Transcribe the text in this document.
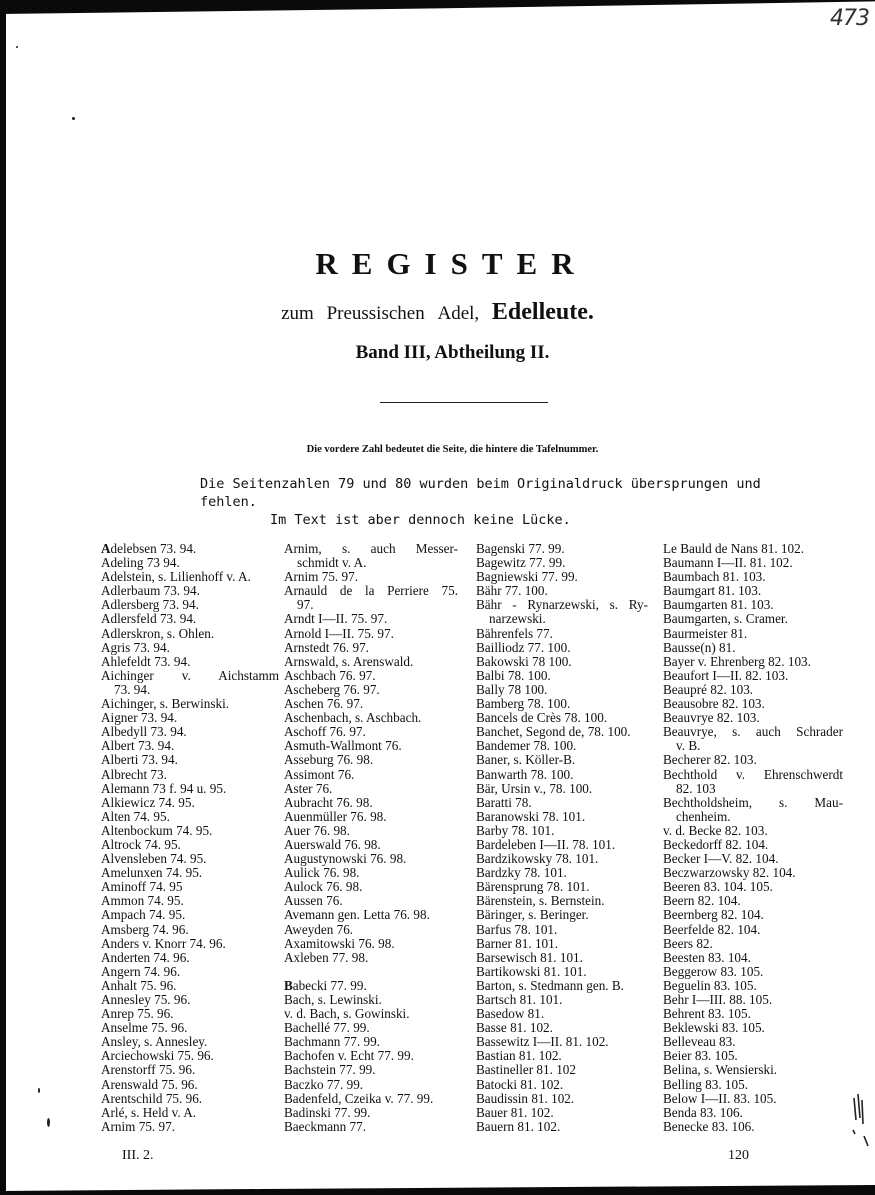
473
REGISTER
zum Preussischen Adel, Edelleute.
Band III, Abtheilung II.
Die vordere Zahl bedeutet die Seite, die hintere die Tafelnummer.
Die Seitenzahlen 79 und 80 wurden beim Originaldruck übersprungen und fehlen.
Im Text ist aber dennoch keine Lücke.
Adelebsen 73. 94.
Adeling 73 94.
Adelstein, s. Lilienhoff v. A.
Adlerbaum 73. 94.
Adlersberg 73. 94.
Adlersfeld 73. 94.
Adlerskron, s. Ohlen.
Agris 73. 94.
Ahlefeldt 73. 94.
Aichinger v. Aichstamm
73. 94.
Aichinger, s. Berwinski.
Aigner 73. 94.
Albedyll 73. 94.
Albert 73. 94.
Alberti 73. 94.
Albrecht 73.
Alemann 73 f. 94 u. 95.
Alkiewicz 74. 95.
Alten 74. 95.
Altenbockum 74. 95.
Altrock 74. 95.
Alvensleben 74. 95.
Amelunxen 74. 95.
Aminoff 74. 95
Ammon 74. 95.
Ampach 74. 95.
Amsberg 74. 96.
Anders v. Knorr 74. 96.
Anderten 74. 96.
Angern 74. 96.
Anhalt 75. 96.
Annesley 75. 96.
Anrep 75. 96.
Anselme 75. 96.
Ansley, s. Annesley.
Arciechowski 75. 96.
Arenstorff 75. 96.
Arenswald 75. 96.
Arentschild 75. 96.
Arlé, s. Held v. A.
Arnim 75. 97.
Arnim, s. auch Messer-
schmidt v. A.
Arnim 75. 97.
Arnauld de la Perriere 75.
97.
Arndt I—II. 75. 97.
Arnold I—II. 75. 97.
Arnstedt 76. 97.
Arnswald, s. Arenswald.
Aschbach 76. 97.
Ascheberg 76. 97.
Aschen 76. 97.
Aschenbach, s. Aschbach.
Aschoff 76. 97.
Asmuth-Wallmont 76.
Asseburg 76. 98.
Assimont 76.
Aster 76.
Aubracht 76. 98.
Auenmüller 76. 98.
Auer 76. 98.
Auerswald 76. 98.
Augustynowski 76. 98.
Aulick 76. 98.
Aulock 76. 98.
Aussen 76.
Avemann gen. Letta 76. 98.
Aweyden 76.
Axamitowski 76. 98.
Axleben 77. 98.
Babecki 77. 99.
Bach, s. Lewinski.
v. d. Bach, s. Gowinski.
Bachellé 77. 99.
Bachmann 77. 99.
Bachofen v. Echt 77. 99.
Bachstein 77. 99.
Baczko 77. 99.
Badenfeld, Czeika v. 77. 99.
Badinski 77. 99.
Baeckmann 77.
Bagenski 77. 99.
Bagewitz 77. 99.
Bagniewski 77. 99.
Bähr 77. 100.
Bähr - Rynarzewski, s. Ry-
narzewski.
Bährenfels 77.
Bailliodz 77. 100.
Bakowski 78 100.
Balbi 78. 100.
Bally 78 100.
Bamberg 78. 100.
Bancels de Crès 78. 100.
Banchet, Segond de, 78. 100.
Bandemer 78. 100.
Baner, s. Köller-B.
Banwarth 78. 100.
Bär, Ursin v., 78. 100.
Baratti 78.
Baranowski 78. 101.
Barby 78. 101.
Bardeleben I—II. 78. 101.
Bardzikowsky 78. 101.
Bardzky 78. 101.
Bärensprung 78. 101.
Bärenstein, s. Bernstein.
Bäringer, s. Beringer.
Barfus 78. 101.
Barner 81. 101.
Barsewisch 81. 101.
Bartikowski 81. 101.
Barton, s. Stedmann gen. B.
Bartsch 81. 101.
Basedow 81.
Basse 81. 102.
Bassewitz I—II. 81. 102.
Bastian 81. 102.
Bastineller 81. 102
Batocki 81. 102.
Baudissin 81. 102.
Bauer 81. 102.
Bauern 81. 102.
Le Bauld de Nans 81. 102.
Baumann I—II. 81. 102.
Baumbach 81. 103.
Baumgart 81. 103.
Baumgarten 81. 103.
Baumgarten, s. Cramer.
Baurmeister 81.
Bausse(n) 81.
Bayer v. Ehrenberg 82. 103.
Beaufort I—II. 82. 103.
Beaupré 82. 103.
Beausobre 82. 103.
Beauvrye 82. 103.
Beauvrye, s. auch Schrader
v. B.
Becherer 82. 103.
Bechthold v. Ehrenschwerdt
82. 103
Bechtholdsheim, s. Mau-
chenheim.
v. d. Becke 82. 103.
Beckedorff 82. 104.
Becker I—V. 82. 104.
Beczwarzowsky 82. 104.
Beeren 83. 104. 105.
Beern 82. 104.
Beernberg 82. 104.
Beerfelde 82. 104.
Beers 82.
Beesten 83. 104.
Beggerow 83. 105.
Beguelin 83. 105.
Behr I—III. 88. 105.
Behrent 83. 105.
Beklewski 83. 105.
Belleveau 83.
Beier 83. 105.
Belina, s. Wensierski.
Belling 83. 105.
Below I—II. 83. 105.
Benda 83. 106.
Benecke 83. 106.
III. 2.	120
